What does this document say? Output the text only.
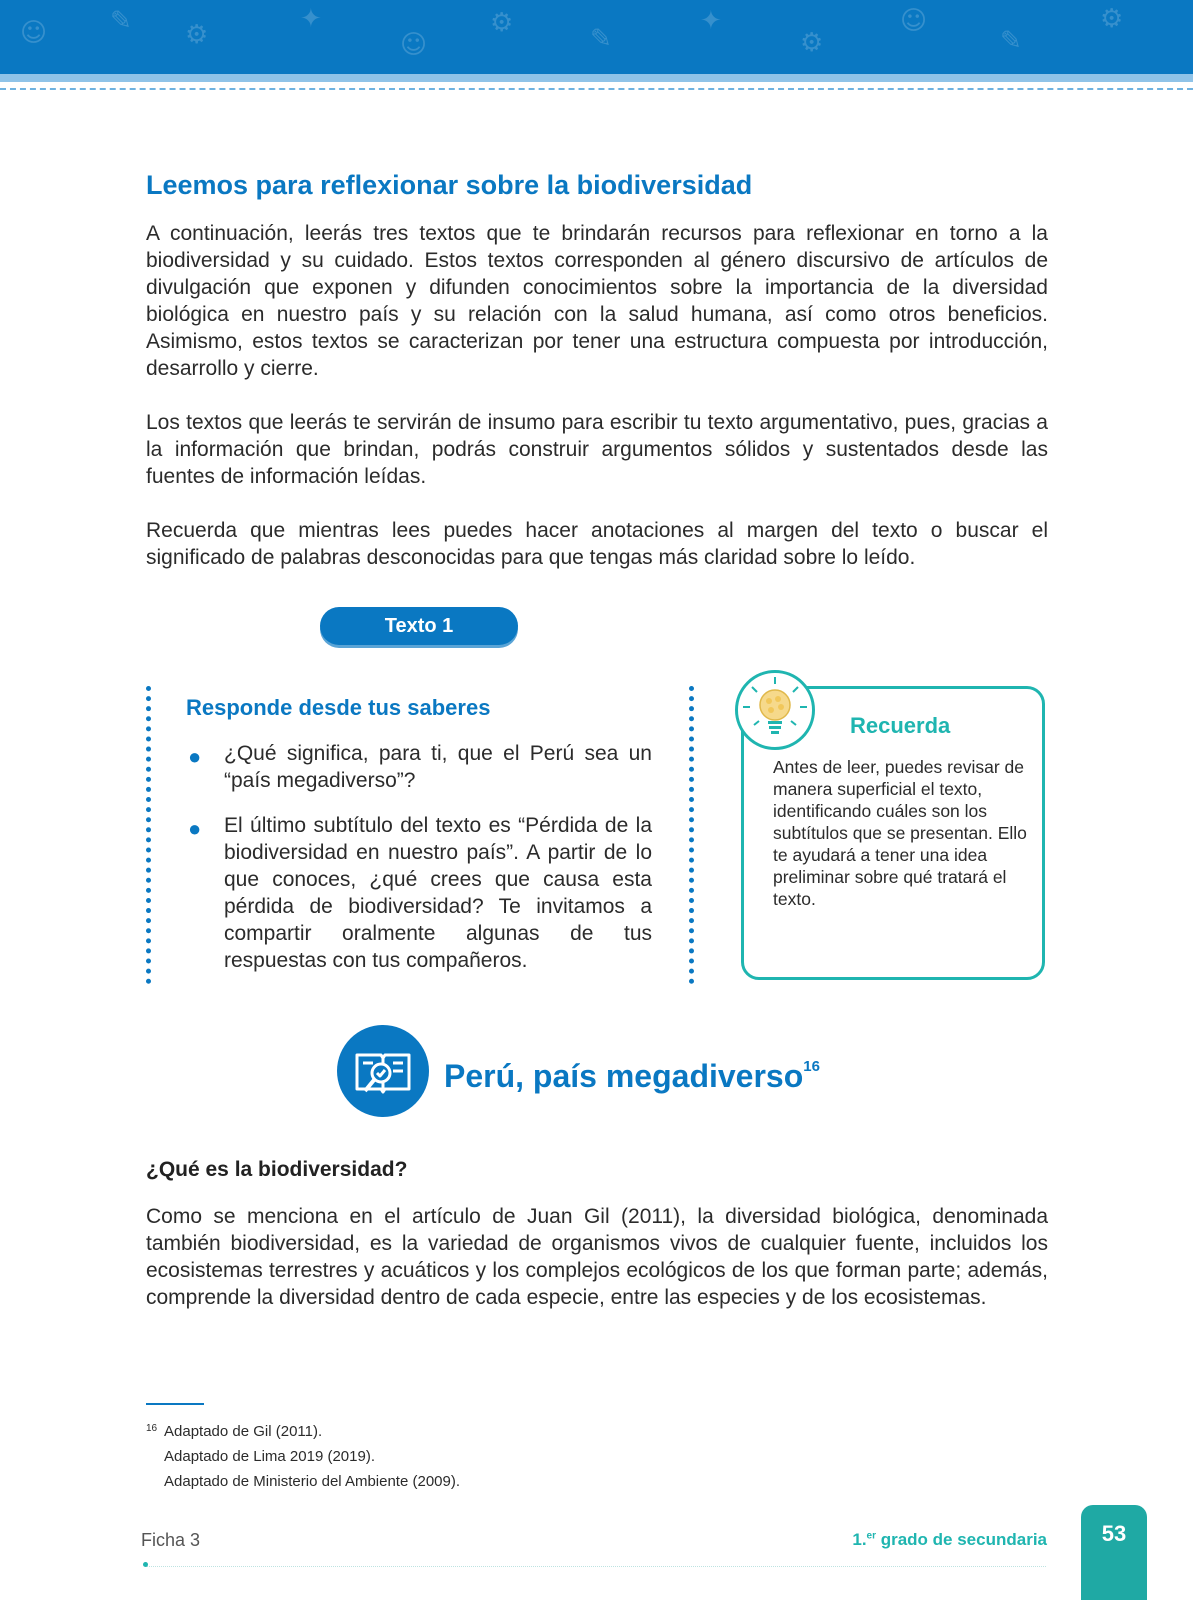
☺ ✎ ⚙
✦
☺
⚙
✎
✦
⚙
☺
✎
⚙
Leemos para reflexionar sobre la biodiversidad

A continuación, leerás tres textos que te brindarán recursos para reflexionar en torno a la biodiversidad y su cuidado. Estos textos corresponden al género discursivo de artículos de divulgación que exponen y difunden conocimientos sobre la importancia de la diversidad biológica en nuestro país y su relación con la salud humana, así como otros beneficios. Asimismo, estos textos se caracterizan por tener una estructura compuesta por introducción, desarrollo y cierre.

Los textos que leerás te servirán de insumo para escribir tu texto argumentativo, pues, gracias a la información que brindan, podrás construir argumentos sólidos y sustentados desde las fuentes de información leídas.

Recuerda que mientras lees puedes hacer anotaciones al margen del texto o buscar el significado de palabras desconocidas para que tengas más claridad sobre lo leído.

Texto 1
Responde desde tus saberes
● ¿Qué significa, para ti, que el Perú sea un “país megadiverso”?
● El último subtítulo del texto es “Pérdida de la biodiversidad en nuestro país”. A partir de lo que conoces, ¿qué crees que causa esta pérdida de biodiversidad? Te invitamos a compartir oralmente algunas de tus respuestas con tus compañeros.
Recuerda

Antes de leer, puedes revisar de manera superficial el texto, identificando cuáles son los subtítulos que se presentan. Ello te ayudará a tener una idea preliminar sobre qué tratará el texto.

Perú, país megadiverso$^{16}$
¿Qué es la biodiversidad?

Como se menciona en el artículo de Juan Gil (2011), la diversidad biológica, denominada también biodiversidad, es la variedad de organismos vivos de cualquier fuente, incluidos los ecosistemas terrestres y acuáticos y los complejos ecológicos de los que forman parte; además, comprende la diversidad dentro de cada especie, entre las especies y de los ecosistemas.

16 Adaptado de Gil (2011).
Adaptado de Lima 2019 (2019).
Adaptado de Ministerio del Ambiente (2009).
Ficha 3	1.$^{er}$ grado de secundaria	53
